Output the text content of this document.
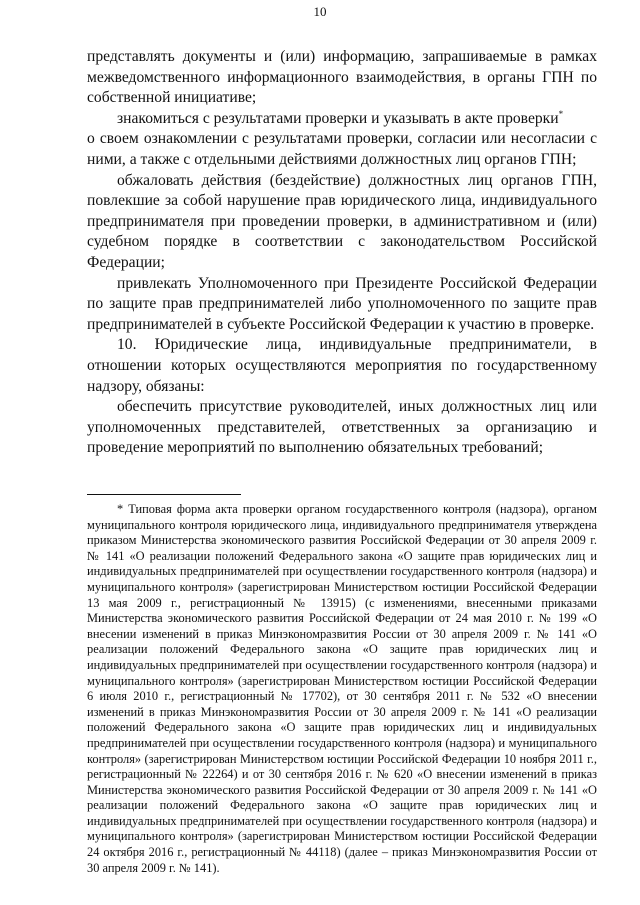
10

представлять документы и (или) информацию, запрашиваемые в рамках межведомственного информационного взаимодействия, в органы ГПН по собственной инициативе;

знакомиться с результатами проверки и указывать в акте проверки*

о своем ознакомлении с результатами проверки, согласии или несогласии с ними, а также с отдельными действиями должностных лиц органов ГПН;

обжаловать действия (бездействие) должностных лиц органов ГПН, повлекшие за собой нарушение прав юридического лица, индивидуального предпринимателя при проведении проверки, в административном и (или) судебном порядке в соответствии с законодательством Российской Федерации;

привлекать Уполномоченного при Президенте Российской Федерации по защите прав предпринимателей либо уполномоченного по защите прав предпринимателей в субъекте Российской Федерации к участию в проверке.

10. Юридические лица, индивидуальные предприниматели, в отношении которых осуществляются мероприятия по государственному надзору, обязаны:

обеспечить присутствие руководителей, иных должностных лиц или уполномоченных представителей, ответственных за организацию и проведение мероприятий по выполнению обязательных требований;

* Типовая форма акта проверки органом государственного контроля (надзора), органом муниципального контроля юридического лица, индивидуального предпринимателя утверждена приказом Министерства экономического развития Российской Федерации от 30 апреля 2009 г. № 141 «О реализации положений Федерального закона «О защите прав юридических лиц и индивидуальных предпринимателей при осуществлении государственного контроля (надзора) и муниципального контроля» (зарегистрирован Министерством юстиции Российской Федерации 13 мая 2009 г., регистрационный № 13915) (с изменениями, внесенными приказами Министерства экономического развития Российской Федерации от 24 мая 2010 г. № 199 «О внесении изменений в приказ Минэкономразвития России от 30 апреля 2009 г. № 141 «О реализации положений Федерального закона «О защите прав юридических лиц и индивидуальных предпринимателей при осуществлении государственного контроля (надзора) и муниципального контроля» (зарегистрирован Министерством юстиции Российской Федерации 6 июля 2010 г., регистрационный № 17702), от 30 сентября 2011 г. № 532 «О внесении изменений в приказ Минэкономразвития России от 30 апреля 2009 г. № 141 «О реализации положений Федерального закона «О защите прав юридических лиц и индивидуальных предпринимателей при осуществлении государственного контроля (надзора) и муниципального контроля» (зарегистрирован Министерством юстиции Российской Федерации 10 ноября 2011 г., регистрационный № 22264) и от 30 сентября 2016 г. № 620 «О внесении изменений в приказ Министерства экономического развития Российской Федерации от 30 апреля 2009 г. № 141 «О реализации положений Федерального закона «О защите прав юридических лиц и индивидуальных предпринимателей при осуществлении государственного контроля (надзора) и муниципального контроля» (зарегистрирован Министерством юстиции Российской Федерации 24 октября 2016 г., регистрационный № 44118) (далее – приказ Минэкономразвития России от 30 апреля 2009 г. № 141).
